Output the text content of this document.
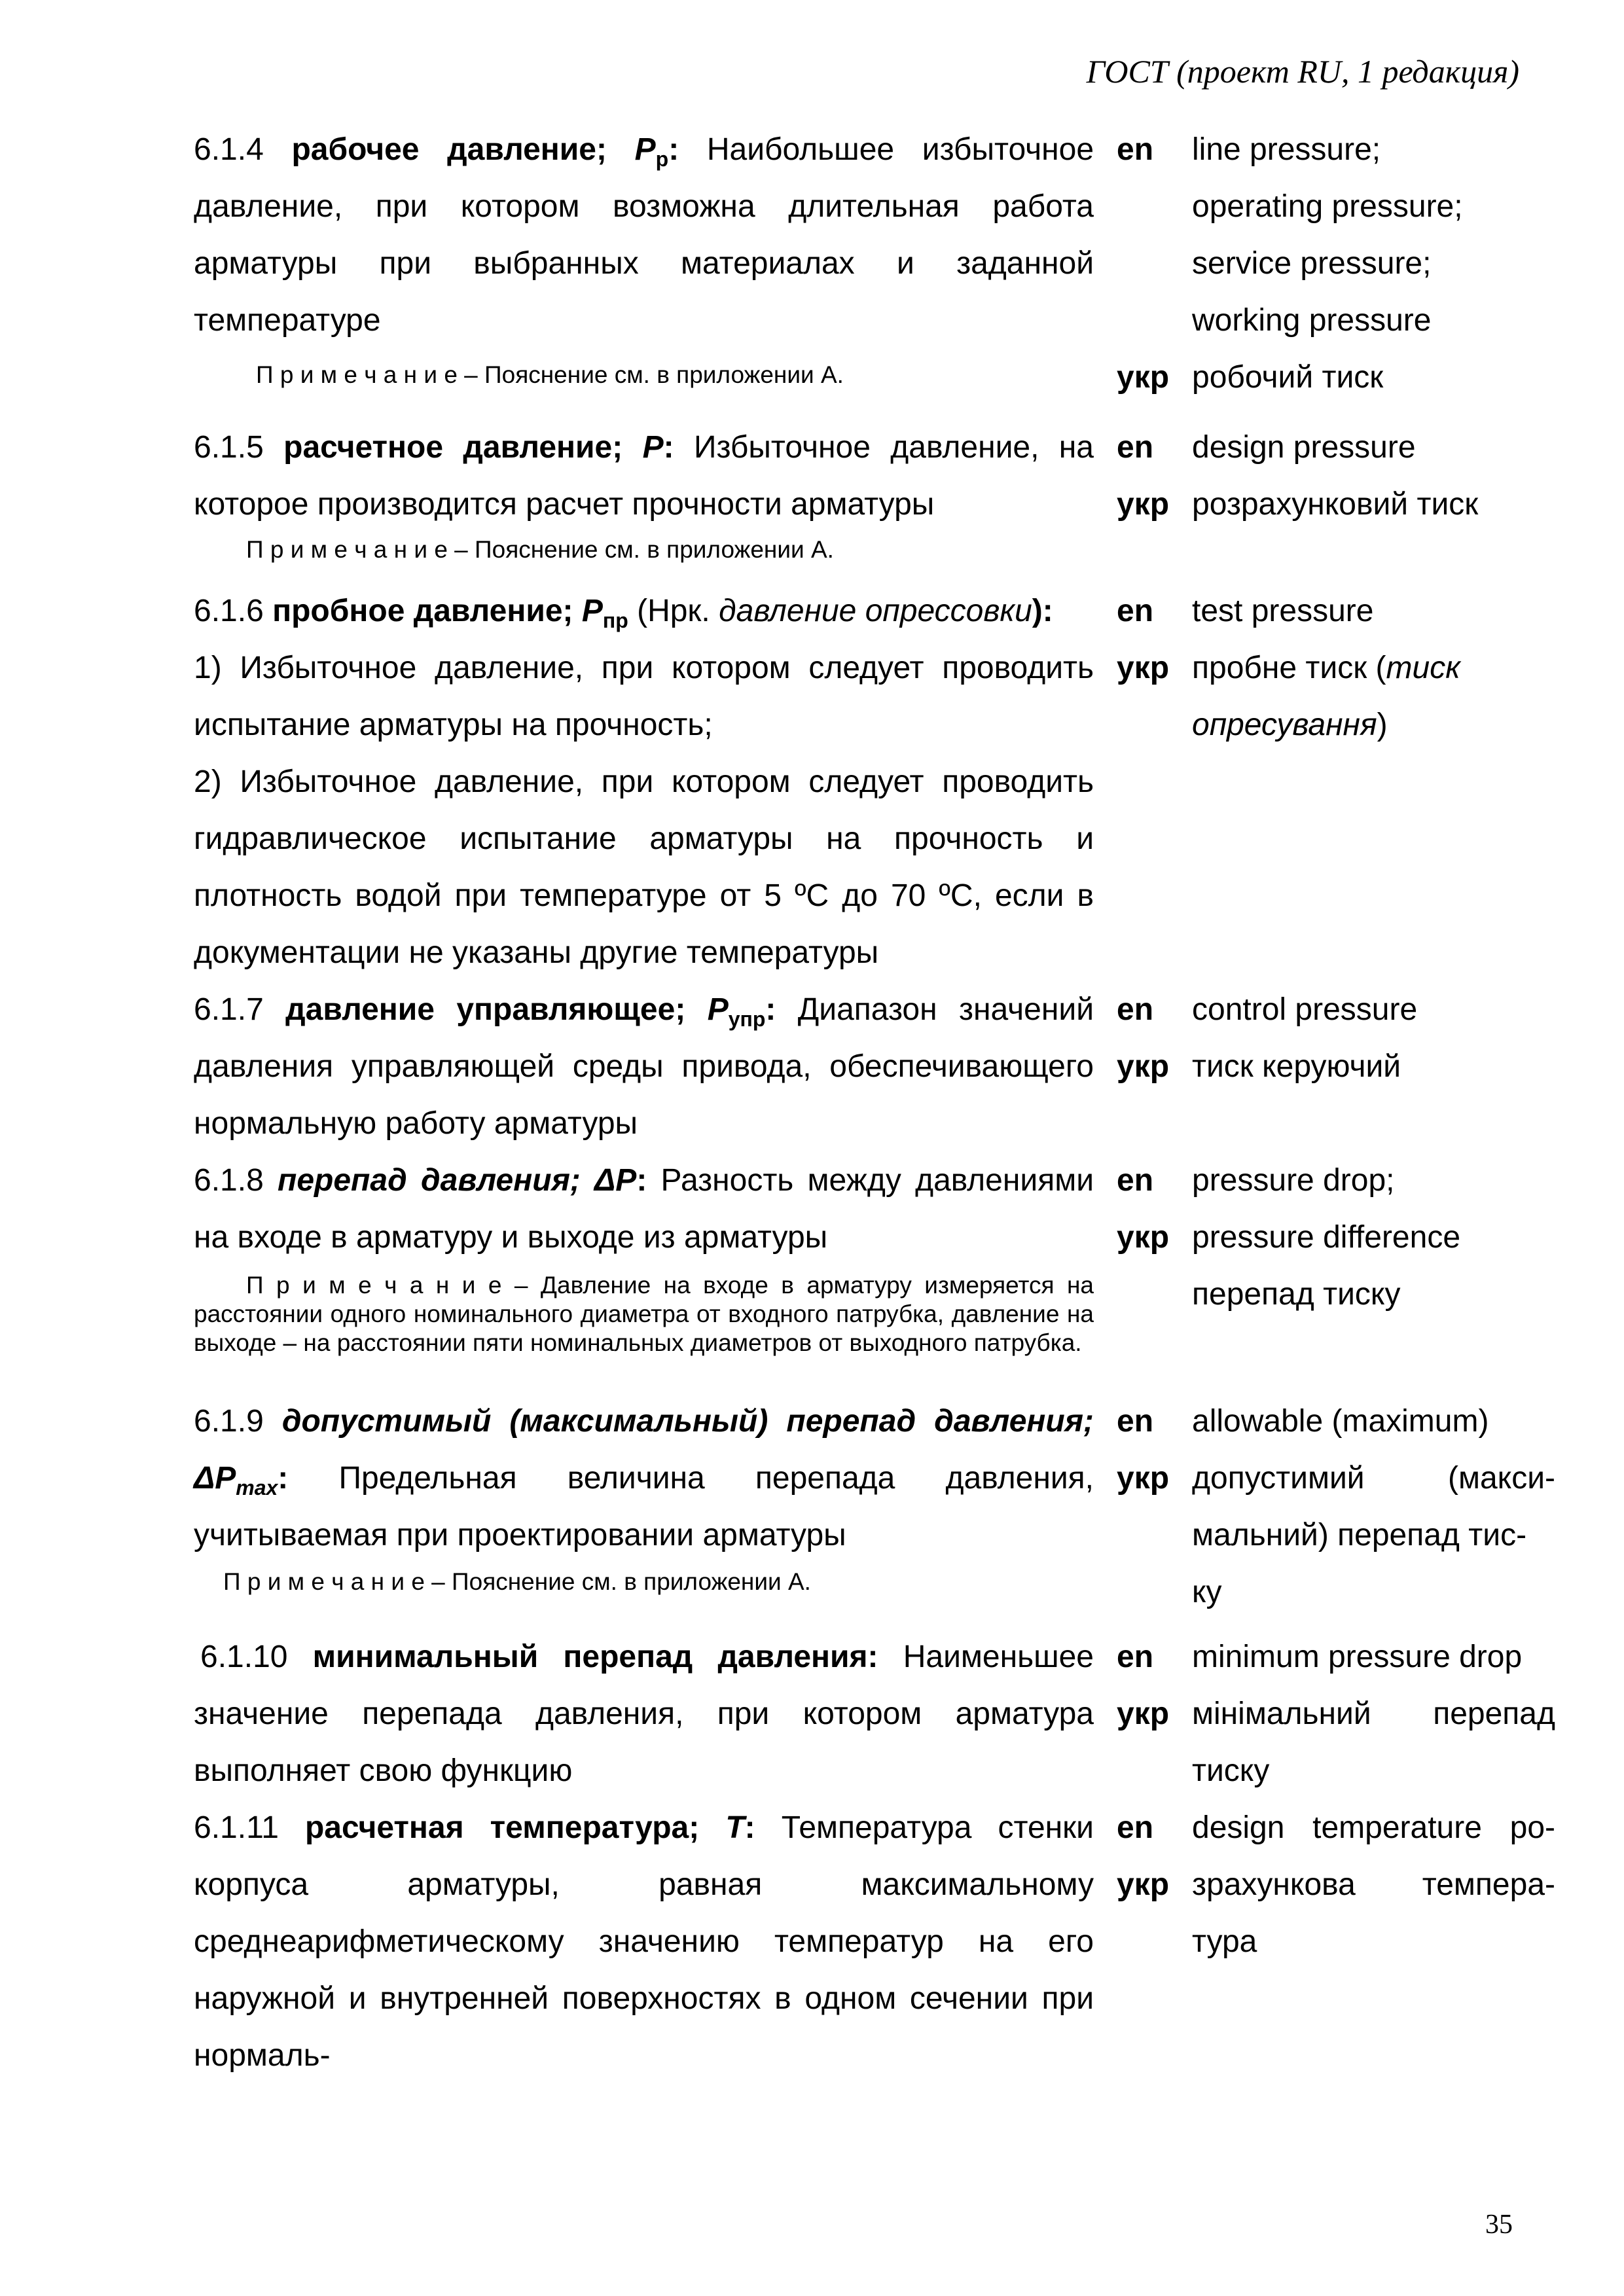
ГОСТ (проект RU, 1 редакция)
6.1.4 рабочее давление; $P_р$: Наибольшее избыточное давление, при котором возможна длительная работа арматуры при выбранных материалах и заданной температуре
en	line pressure;
operating pressure;
service pressure;
working pressure
П р и м е ч а н и е – Пояснение см. в приложении А.	укр робочий тиск
6.1.5 расчетное давление; P: Избыточное давление, на которое производится расчет прочности арматуры
П р и м е ч а н и е – Пояснение см. в приложении А.
en
укр
design pressure
розрахунковий тиск
6.1.6 пробное давление; $P_{пр}$ (Нрк. давление опрессовки):
1) Избыточное давление, при котором следует проводить испытание арматуры на прочность;
2) Избыточное давление, при котором следует проводить гидравлическое испытание арматуры на прочность и плотность водой при температуре от 5 ºС до 70 ºС, если в документации не указаны другие температуры
en
укр
test pressure
пробне тиск (тиск
опресування)
6.1.7 давление управляющее; $P_{упр}$: Диапазон значений давления управляющей среды привода, обеспечивающего нормальную работу арматуры
en
укр
control pressure
тиск керуючий
6.1.8 перепад давления; ΔP: Разность между давлениями на входе в арматуру и выходе из арматуры
П р и м е ч а н и е – Давление на входе в арматуру измеряется на расстоянии одного номинального диаметра от входного патрубка, давление на выходе – на расстоянии пяти номинальных диаметров от выходного патрубка.
en
укр
pressure drop;
pressure difference
перепад тиску
6.1.9 допустимый (максимальный) перепад давления; $\Delta P_{max}$: Предельная величина перепада давления, учитываемая при проектировании арматуры
П р и м е ч а н и е – Пояснение см. в приложении А.
en
укр
allowable (maximum)
допустимий (макси-
мальний) перепад тис-
ку
6.1.10 минимальный перепад давления: Наименьшее значение перепада давления, при котором арматура выполняет свою функцию
en
укр
minimum pressure drop
мінімальний перепад
тиску
6.1.11 расчетная температура; T: Температура стенки корпуса арматуры, равная максимальному среднеарифметическому значению температур на его наружной и внутренней поверхностях в одном сечении при нормаль-
en
укр
design temperature ро-
зрахункова темпера-
тура
35
